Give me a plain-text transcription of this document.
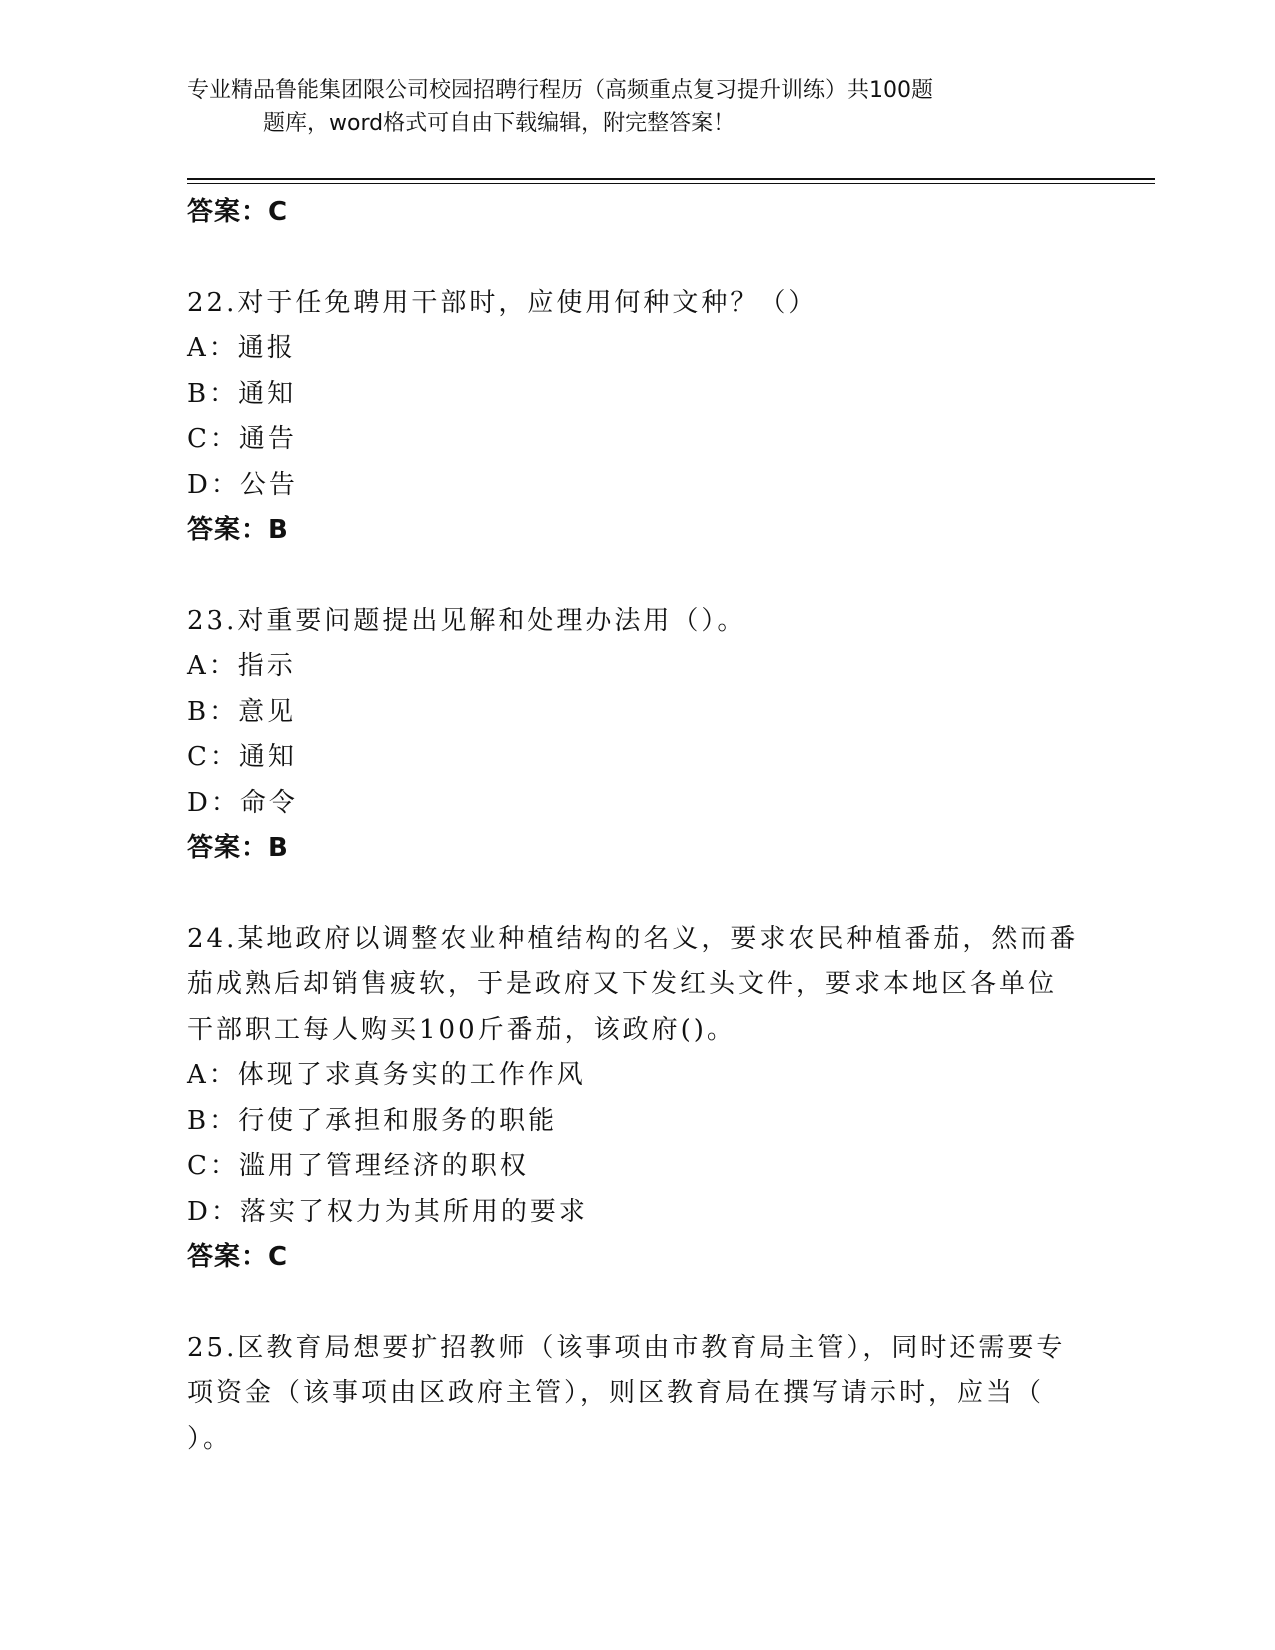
专业精品鲁能集团限公司校园招聘行程历（高频重点复习提升训练）共100题
题库，word格式可自由下载编辑，附完整答案！
答案：C
22.对于任免聘用干部时，应使用何种文种？（）
A：通报
B：通知
C：通告
D：公告
答案：B
23.对重要问题提出见解和处理办法用（）。
A：指示
B：意见
C：通知
D：命令
答案：B
24.某地政府以调整农业种植结构的名义，要求农民种植番茄，然而番
茄成熟后却销售疲软，于是政府又下发红头文件，要求本地区各单位
干部职工每人购买100斤番茄，该政府()。
A：体现了求真务实的工作作风
B：行使了承担和服务的职能
C：滥用了管理经济的职权
D：落实了权力为其所用的要求
答案：C
25.区教育局想要扩招教师（该事项由市教育局主管），同时还需要专
项资金（该事项由区政府主管），则区教育局在撰写请示时，应当（
）。
